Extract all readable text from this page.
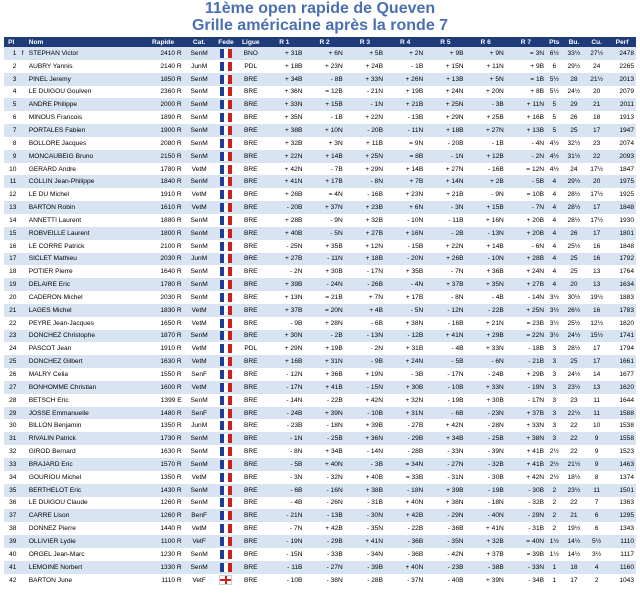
11ème open rapide de Queven
Grille américaine après la ronde 7
Pl		Nom	Rapide	Cat.	Fede	Ligue	R 1	R 2	R 3	R 4	R 5	R 6	R 7	Pts	Bu.	Cu.	Perf
1	f	STEPHAN Victor	2410 R	SenM		BNO	+ 31B	+ 6N	+ 5B	+ 2N	+ 9B	+ 9N	= 3N	6½	33½	27½	2478
2		AUBRY Yannis	2140 R	JunM		PDL	+ 18B	+ 23N	+ 24B	- 1B	+ 15N	+ 11N	+ 9B	6	29½	24	2265
3		PINEL Jeremy	1850 R	SenM		BRE	+ 34B	- 8B	+ 33N	+ 26N	+ 13B	+ 5N	= 1B	5½	28	21½	2013
4		LE DUIGOU Goulven	2360 R	SenM		BRE	+ 36N	= 12B	- 21N	+ 19B	+ 24N	+ 20N	+ 8B	5½	24½	20	2079
5		ANDRE Philippe	2000 R	SenM		BRE	+ 33N	+ 15B	- 1N	+ 21B	+ 25N	- 3B	+ 11N	5	29	21	2011
6		MINOUS Francois	1890 R	SenM		BRE	+ 35N	- 1B	+ 22N	- 13B	+ 29N	+ 25B	+ 16B	5	26	18	1913
7		PORTALES Fabien	1900 R	SenM		BRE	+ 38B	+ 10N	- 20B	- 11N	+ 18B	+ 27N	+ 13B	5	25	17	1947
8		BOLLORE Jacques	2080 R	SenM		BRE	+ 32B	+ 3N	+ 11B	= 9N	- 20B	- 1B	- 4N	4½	32½	23	2074
9		MONCAUBEIG Bruno	2150 R	SenM		BRE	+ 22N	+ 14B	+ 25N	= 8B	- 1N	+ 12B	- 2N	4½	31½	22	2093
10		GERARD Andre	1780 R	VetM		BRE	+ 42N	- 7B	+ 29N	+ 14B	+ 27N	- 16B	= 12N	4½	24	17½	1847
11		COLLIN Jean-Philippe	1840 R	SenM		BRE	+ 41N	+ 17B	- 8N	+ 7B	+ 14N	+ 2B	- 5B	4	29½	20	1975
12		LE DU Michel	1910 R	VetM		BRE	+ 26B	= 4N	- 16B	+ 23N	+ 21B	- 9N	= 10B	4	28½	17½	1925
13		BARTON Robin	1610 R	VetM		BRE	- 20B	+ 37N	+ 23B	+ 6N	- 3N	+ 15B	- 7N	4	28½	17	1848
14		ANNETTI Laurent	1880 R	SenM		BRE	+ 28B	- 9N	+ 32B	- 10N	- 11B	+ 16N	+ 20B	4	28½	17½	1930
15		ROBVEILLE Laurent	1800 R	SenM		BRE	+ 40B	- 5N	+ 27B	+ 16N	- 2B	- 13N	+ 20B	4	26	17	1801
16		LE CORRE Patrick	2100 R	SenM		BRE	- 25N	+ 35B	+ 12N	- 15B	+ 22N	+ 14B	- 6N	4	25½	16	1848
17		SICLET Mathieu	2030 R	JunM		BRE	+ 27B	- 11N	+ 18B	- 20N	+ 26B	- 10N	+ 28B	4	25	16	1792
18		POTIER Pierre	1640 R	SenM		BRE	- 2N	+ 30B	- 17N	+ 35B	- 7N	+ 36B	+ 24N	4	25	13	1764
19		DELAIRE Eric	1780 R	SenM		BRE	+ 39B	- 24N	- 26B	- 4N	+ 37B	+ 35N	+ 27B	4	20	13	1634
20		CADERON Michel	2030 R	SenM		BRE	+ 13N	= 21B	+ 7N	+ 17B	- 8N	- 4B	- 14N	3½	30½	19½	1883
21		LAGES Michel	1830 R	VetM		BRE	+ 37B	= 20N	+ 4B	- 5N	- 12N	- 22B	+ 25N	3½	26½	16	1783
22		PEYRE Jean-Jacques	1650 R	VetM		BRE	- 9B	+ 28N	- 6B	+ 38N	- 16B	+ 21N	= 23B	3½	25½	12½	1820
23		DONCHEZ Christophe	1870 R	SenM		BRE	+ 30N	- 2B	- 13N	- 12B	+ 41N	+ 29B	= 22N	3½	24½	15½	1741
24		PASCOT Jean	1910 R	VetM		PDL	+ 29N	+ 19B	- 2N	+ 31B	- 4B	+ 33N	- 18B	3	28½	17	1794
25		DONCHEZ Gilbert	1630 R	VetM		BRE	+ 16B	+ 31N	- 9B	+ 24N	- 5B	- 6N	- 21B	3	25	17	1661
26		MALRY Celia	1550 R	SenF		BRE	- 12N	+ 36B	+ 19N	- 3B	- 17N	- 24B	+ 29B	3	24½	14	1677
27		BONHOMME Christian	1600 R	VetM		BRE	- 17N	+ 41B	- 15N	+ 30B	- 10B	+ 33N	- 19N	3	23½	13	1620
28		BETSCH Eric	1399 E	SenM		BRE	- 14N	- 22B	+ 42N	+ 32N	- 19B	+ 30B	- 17N	3	23	11	1644
29		JOSSE Emmanuelle	1480 R	SenF		BRE	- 24B	+ 39N	- 10B	+ 31N	- 6B	- 23N	+ 37B	3	22½	11	1588
30		BILLON Benjamin	1350 R	JunM		BRE	- 23B	- 18N	+ 39B	- 27B	+ 42N	- 28N	+ 33N	3	22	10	1538
31		RIVALIN Patrick	1730 R	SenM		BRE	- 1N	- 25B	+ 36N	- 29B	+ 34B	- 25B	+ 38N	3	22	9	1558
32		GIROD Bernard	1630 R	SenM		BRE	- 8N	+ 34B	- 14N	- 28B	- 33N	- 39N	+ 41B	2½	22	9	1523
33		BRAJARD Eric	1570 R	SenM		BRE	- 5B	+ 40N	- 3B	= 34N	- 27N	- 32B	+ 41B	2½	21½	9	1463
34		GOURIOU Michel	1350 R	VetM		BRE	- 3N	- 32N	+ 40B	= 33B	- 31N	- 30B	+ 42N	2½	18½	8	1374
35		BERTHELOT Eric	1430 R	SenM		BRE	- 6B	- 16N	+ 38B	- 18N	+ 39B	- 19B	- 30B	2	23½	11	1501
36		LE DUIGOU Claude	1260 R	SenM		BRE	- 4B	- 26N	- 31B	+ 40N	+ 38N	- 18N	- 32B	2	22	7	1363
37		CARRE Lison	1260 R	BenF		BRE	- 21N	- 13B	- 30N	+ 42B	- 29N	- 40N	- 29N	2	21	6	1295
38		DONNEZ Pierre	1440 R	VetM		BRE	- 7N	+ 42B	- 35N	- 22B	- 36B	+ 41N	- 31B	2	19½	6	1343
39		OLLIVIER Lydie	1100 R	VetF		BRE	- 19N	- 29B	+ 41N	- 36B	- 35N	+ 32B	= 40N	1½	14½	5½	1110
40		ORGEL Jean-Marc	1230 R	SenM		BRE	- 15N	- 33B	- 34N	- 36B	- 42N	+ 37B	= 39B	1½	14½	3½	1117
41		LEMOINE Norbert	1330 R	SenM		BRE	- 11B	- 27N	- 39B	+ 40N	- 23B	- 38B	- 33N	1	18	4	1160
42		BARTON June	1110 R	VetF		BRE	- 10B	- 38N	- 28B	- 37N	- 40B	+ 39N	- 34B	1	17	2	1043
